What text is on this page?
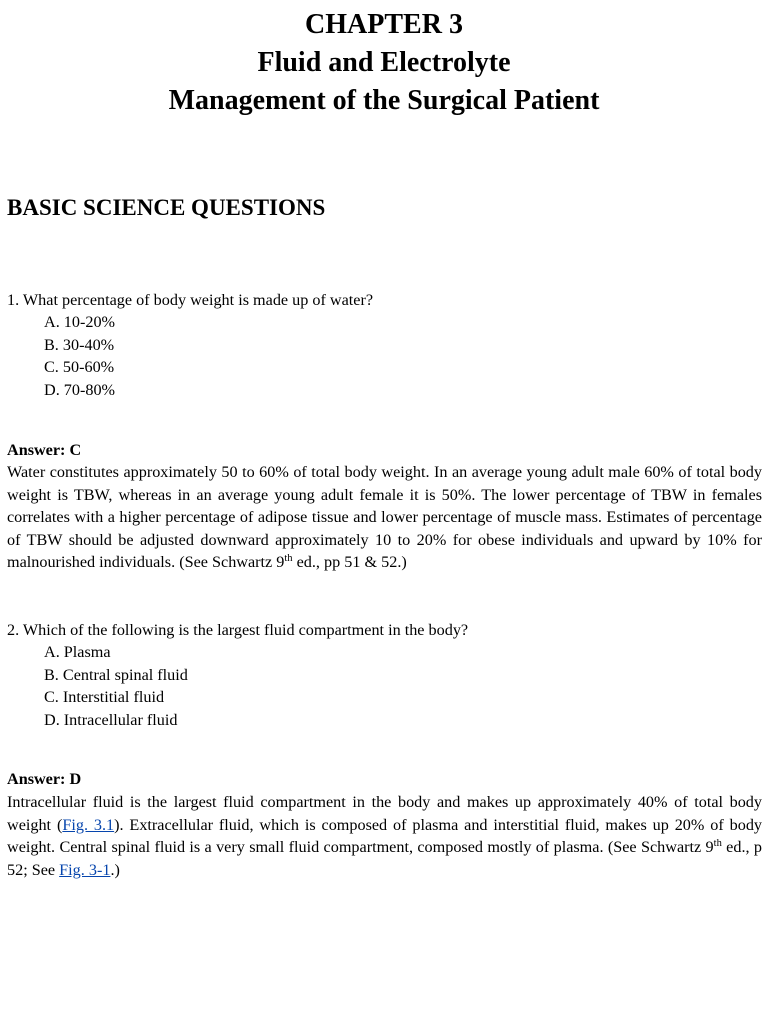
CHAPTER 3
Fluid and Electrolyte
Management of the Surgical Patient
BASIC SCIENCE QUESTIONS
1. What percentage of body weight is made up of water?
A. 10-20%
B. 30-40%
C. 50-60%
D. 70-80%
Answer: C
Water constitutes approximately 50 to 60% of total body weight. In an average young adult male 60% of total body weight is TBW, whereas in an average young adult female it is 50%. The lower percentage of TBW in females correlates with a higher percentage of adipose tissue and lower percentage of muscle mass. Estimates of percentage of TBW should be adjusted downward approximately 10 to 20% for obese individuals and upward by 10% for malnourished individuals. (See Schwartz 9th ed., pp 51 & 52.)
2. Which of the following is the largest fluid compartment in the body?
A. Plasma
B. Central spinal fluid
C. Interstitial fluid
D. Intracellular fluid
Answer: D
Intracellular fluid is the largest fluid compartment in the body and makes up approximately 40% of total body weight (Fig. 3.1). Extracellular fluid, which is composed of plasma and interstitial fluid, makes up 20% of body weight. Central spinal fluid is a very small fluid compartment, composed mostly of plasma. (See Schwartz 9th ed., p 52; See Fig. 3-1.)
